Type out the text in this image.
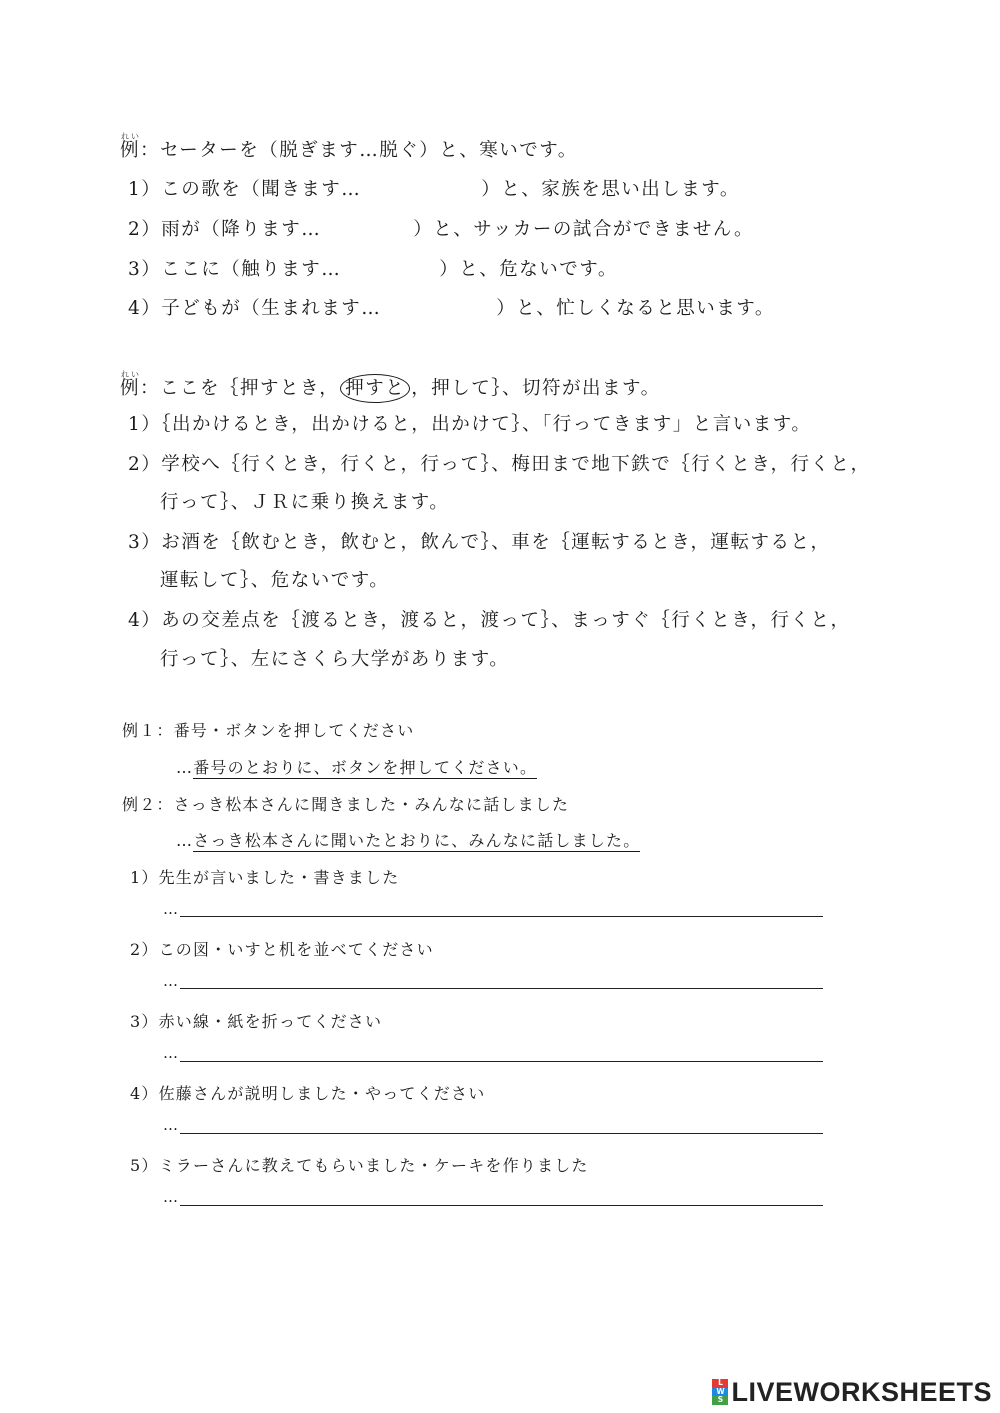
例れい：セーターを（脱ぎます…脱ぐ）と、寒いです。
1）この歌を（聞きます…	）と、家族を思い出します。
2）雨が（降ります…	）と、サッカーの試合ができません。
3）ここに（触ります…	）と、危ないです。
4）子どもが（生まれます…	）と、忙しくなると思います。
例れい：ここを｛押すとき， 押すと ，押して｝、切符が出ます。
1）｛出かけるとき，出かけると，出かけて｝、「行ってきます」と言います。
2）学校へ｛行くとき，行くと，行って｝、梅田まで地下鉄で｛行くとき，行くと，
行って｝、ＪＲに乗り換えます。
3）お酒を｛飲むとき，飲むと，飲んで｝、車を｛運転するとき，運転すると，
運転して｝、危ないです。
4）あの交差点を｛渡るとき，渡ると，渡って｝、まっすぐ｛行くとき，行くと，
行って｝、左にさくら大学があります。
例１：番号・ボタンを押してください
…番号のとおりに、ボタンを押してください。
例２：さっき松本さんに聞きました・みんなに話しました
…さっき松本さんに聞いたとおりに、みんなに話しました。
1）先生が言いました・書きました
…
2）この図・いすと机を並べてください
…
3）赤い線・紙を折ってください
…
4）佐藤さんが説明しました・やってください
…
5）ミラーさんに教えてもらいました・ケーキを作りました
…
L
W
S LIVEWORKSHEETS
